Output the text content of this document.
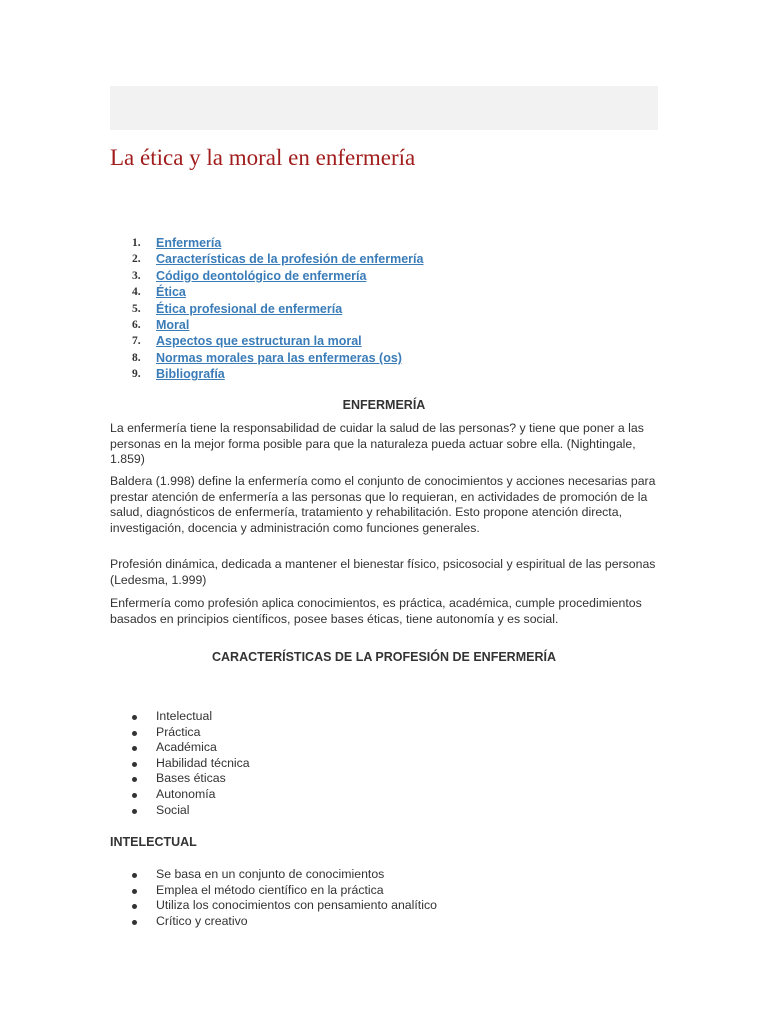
La ética y la moral en enfermería
1. Enfermería
2. Características de la profesión de enfermería
3. Código deontológico de enfermería
4. Ética
5. Ética profesional de enfermería
6. Moral
7. Aspectos que estructuran la moral
8. Normas morales para las enfermeras (os)
9. Bibliografía
ENFERMERÍA

La enfermería tiene la responsabilidad de cuidar la salud de las personas? y tiene que poner a las personas en la mejor forma posible para que la naturaleza pueda actuar sobre ella. (Nightingale, 1.859)

Baldera (1.998) define la enfermería como el conjunto de conocimientos y acciones necesarias para prestar atención de enfermería a las personas que lo requieran, en actividades de promoción de la salud, diagnósticos de enfermería, tratamiento y rehabilitación. Esto propone atención directa, investigación, docencia y administración como funciones generales.

Profesión dinámica, dedicada a mantener el bienestar físico, psicosocial y espiritual de las personas (Ledesma, 1.999)

Enfermería como profesión aplica conocimientos, es práctica, académica, cumple procedimientos basados en principios científicos, posee bases éticas, tiene autonomía y es social.

CARACTERÍSTICAS DE LA PROFESIÓN DE ENFERMERÍA
Intelectual
Práctica
Académica
Habilidad técnica
Bases éticas
Autonomía
Social
INTELECTUAL
Se basa en un conjunto de conocimientos
Emplea el método científico en la práctica
Utiliza los conocimientos con pensamiento analítico
Crítico y creativo
